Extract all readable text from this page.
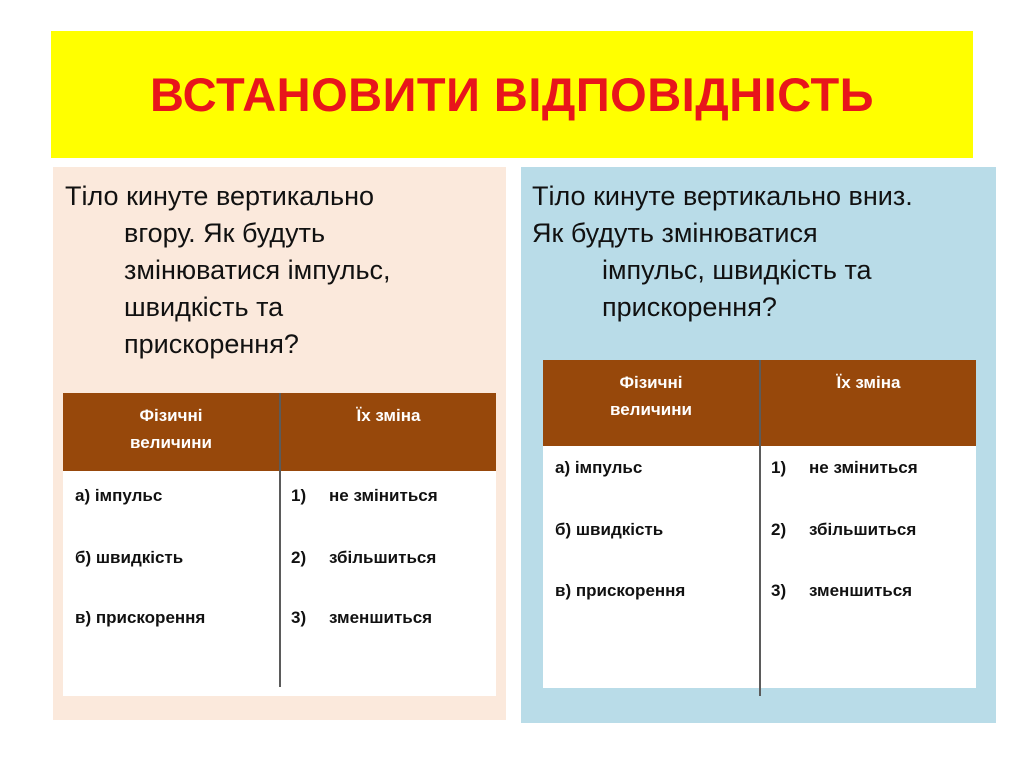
ВСТАНОВИТИ ВІДПОВІДНІСТЬ
Тіло кинуте вертикально
вгору. Як будуть
змінюватися імпульс,
швидкість та
прискорення?
Фізичні величини
Їх зміна
а) імпульс
б) швидкість
в) прискорення
1) не зміниться
2) збільшиться
3) зменшиться
Тіло кинуте вертикально вниз.
Як будуть змінюватися
імпульс, швидкість та
прискорення?
Фізичні величини
Їх зміна
а) імпульс
б) швидкість
в) прискорення
1) не зміниться
2) збільшиться
3) зменшиться
